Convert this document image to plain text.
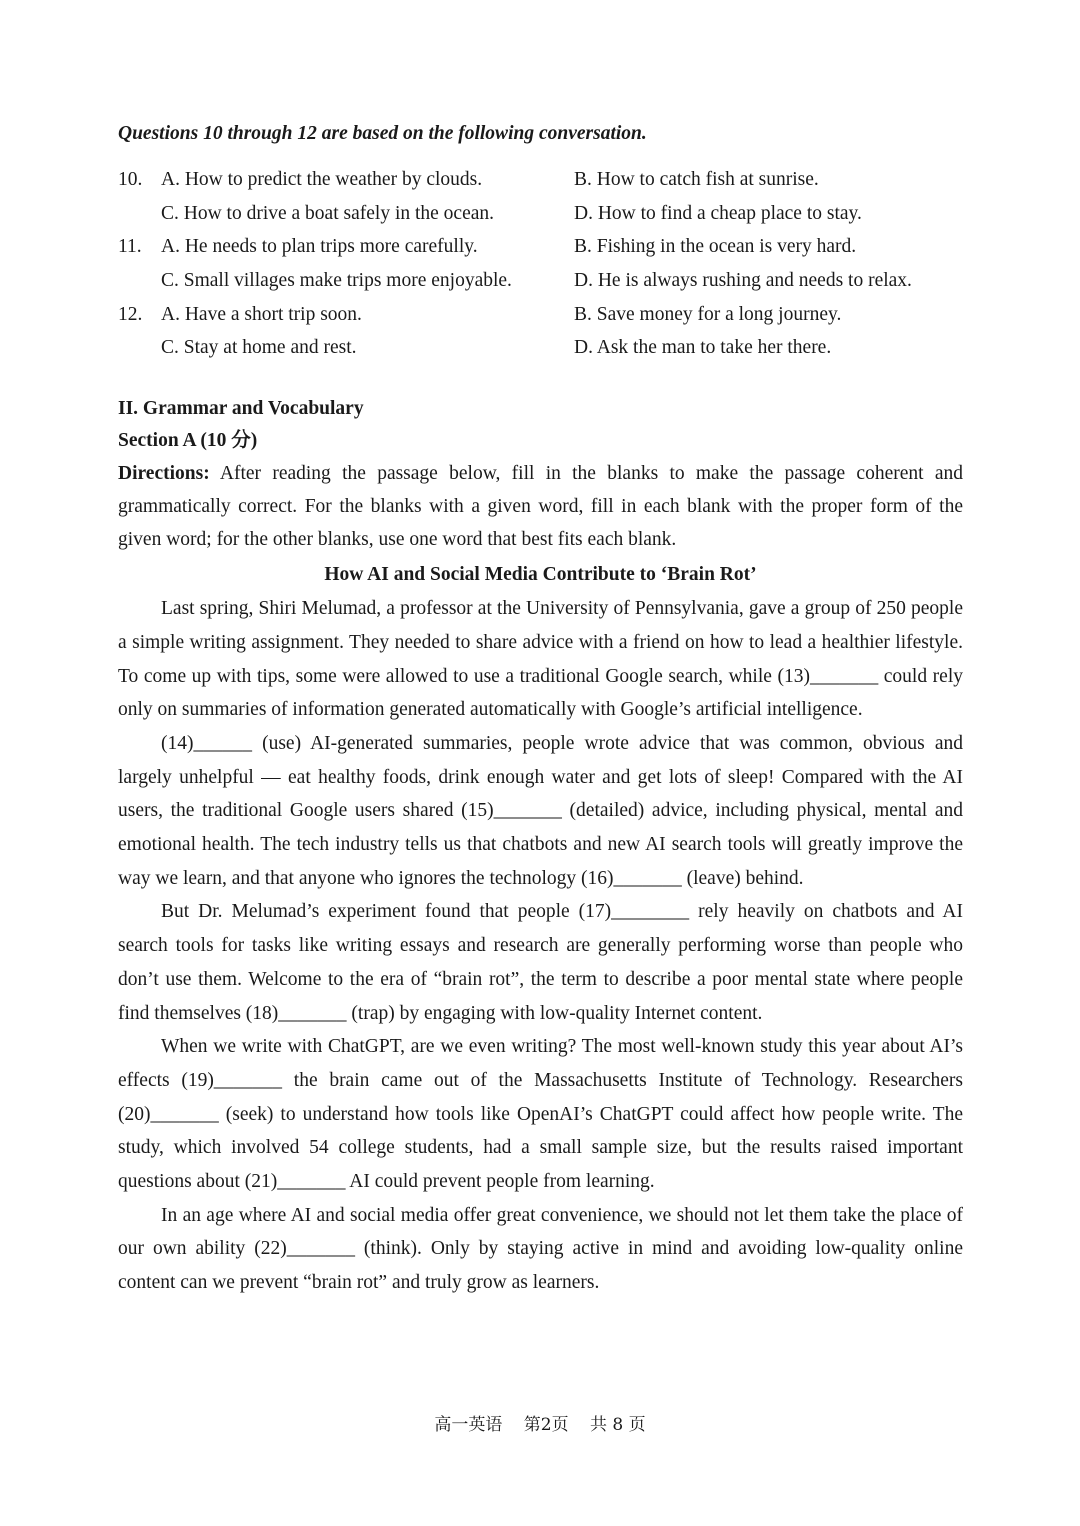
Questions 10 through 12 are based on the following conversation.

10. A. How to predict the weather by clouds.	B. How to catch fish at sunrise.
C. How to drive a boat safely in the ocean.	D. How to find a cheap place to stay.
11. A. He needs to plan trips more carefully.	B. Fishing in the ocean is very hard.
C. Small villages make trips more enjoyable.	D. He is always rushing and needs to relax.
12. A. Have a short trip soon.	B. Save money for a long journey.
C. Stay at home and rest.	D. Ask the man to take her there.

II. Grammar and Vocabulary

Section A (10 分)

Directions: After reading the passage below, fill in the blanks to make the passage coherent and grammatically correct. For the blanks with a given word, fill in each blank with the proper form of the given word; for the other blanks, use one word that best fits each blank.

How AI and Social Media Contribute to ‘Brain Rot’

Last spring, Shiri Melumad, a professor at the University of Pennsylvania, gave a group of 250 people a simple writing assignment. They needed to share advice with a friend on how to lead a healthier lifestyle. To come up with tips, some were allowed to use a traditional Google search, while (13)_______ could rely only on summaries of information generated automatically with Google’s artificial intelligence.

(14)______ (use) AI-generated summaries, people wrote advice that was common, obvious and largely unhelpful — eat healthy foods, drink enough water and get lots of sleep! Compared with the AI users, the traditional Google users shared (15)_______ (detailed) advice, including physical, mental and emotional health. The tech industry tells us that chatbots and new AI search tools will greatly improve the way we learn, and that anyone who ignores the technology (16)_______ (leave) behind.

But Dr. Melumad’s experiment found that people (17)________ rely heavily on chatbots and AI search tools for tasks like writing essays and research are generally performing worse than people who don’t use them. Welcome to the era of “brain rot”, the term to describe a poor mental state where people find themselves (18)_______ (trap) by engaging with low-quality Internet content.

When we write with ChatGPT, are we even writing? The most well-known study this year about AI’s effects (19)_______ the brain came out of the Massachusetts Institute of Technology. Researchers (20)_______ (seek) to understand how tools like OpenAI’s ChatGPT could affect how people write. The study, which involved 54 college students, had a small sample size, but the results raised important questions about (21)_______ AI could prevent people from learning.

In an age where AI and social media offer great convenience, we should not let them take the place of our own ability (22)_______ (think). Only by staying active in mind and avoiding low-quality online content can we prevent “brain rot” and truly grow as learners.

高一英语 第2页 共 8 页
